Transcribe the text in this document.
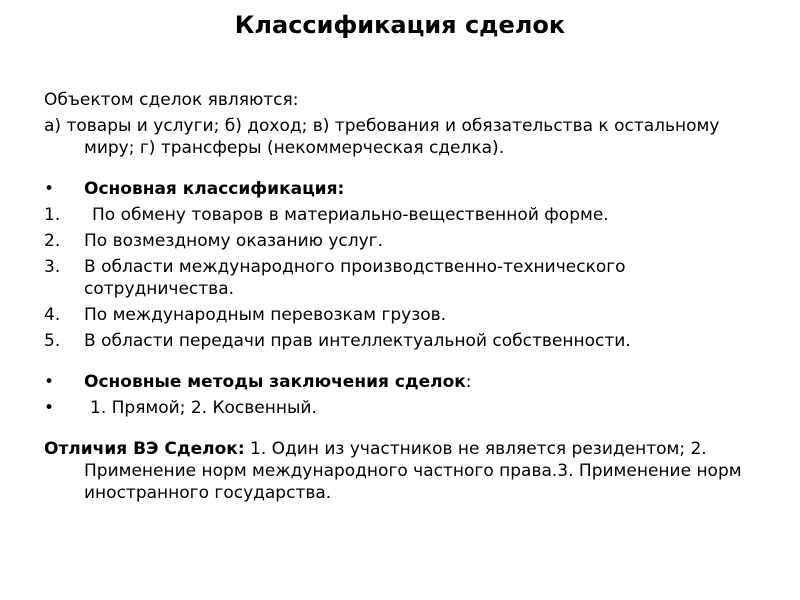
Классификация сделок

Объектом сделок являются:

а) товары и услуги; б) доход; в) требования и обязательства к остальному миру; г) трансферы (некоммерческая сделка).

•	Основная классификация:
1.	По обмену товаров в материально-вещественной форме.
2.	По возмездному оказанию услуг.
3.	В области международного производственно-технического сотрудничества.
4.	По международным перевозкам грузов.
5.	В области передачи прав интеллектуальной собственности.
•	Основные методы заключения сделок:
•	1. Прямой; 2. Косвенный.

Отличия ВЭ Сделок: 1. Один из участников не является резидентом; 2. Применение норм международного частного права.3. Применение норм иностранного государства.
